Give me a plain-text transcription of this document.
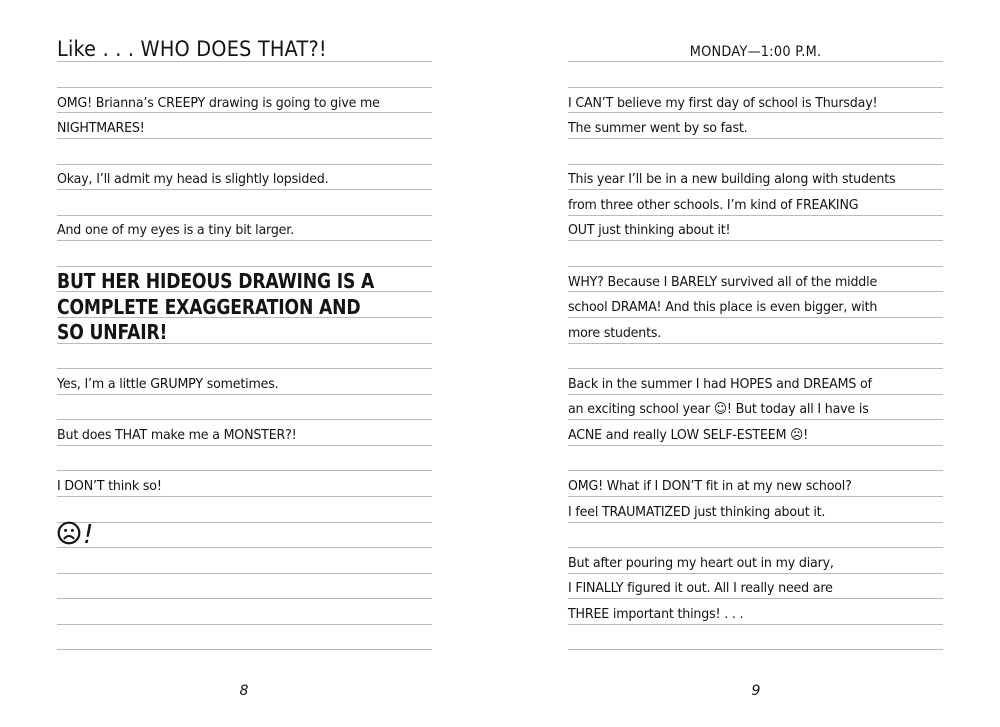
Like . . . WHO DOES THAT?!
OMG! Brianna’s CREEPY drawing is going to give me
NIGHTMARES!
Okay, I’ll admit my head is slightly lopsided.
And one of my eyes is a tiny bit larger.
BUT HER HIDEOUS DRAWING IS A
COMPLETE EXAGGERATION AND
SO UNFAIR!
Yes, I’m a little GRUMPY sometimes.
But does THAT make me a MONSTER?!
I DON’T think so!
!
8
MONDAY—1:00 P.M.
I CAN’T believe my first day of school is Thursday!
The summer went by so fast.
This year I’ll be in a new building along with students
from three other schools. I’m kind of FREAKING
OUT just thinking about it!
WHY? Because I BARELY survived all of the middle
school DRAMA! And this place is even bigger, with
more students.
Back in the summer I had HOPES and DREAMS of
an exciting school year ☺! But today all I have is
ACNE and really LOW SELF-ESTEEM ☹!
OMG! What if I DON’T fit in at my new school?
I feel TRAUMATIZED just thinking about it.
But after pouring my heart out in my diary,
I FINALLY figured it out. All I really need are
THREE important things! . . .
9
